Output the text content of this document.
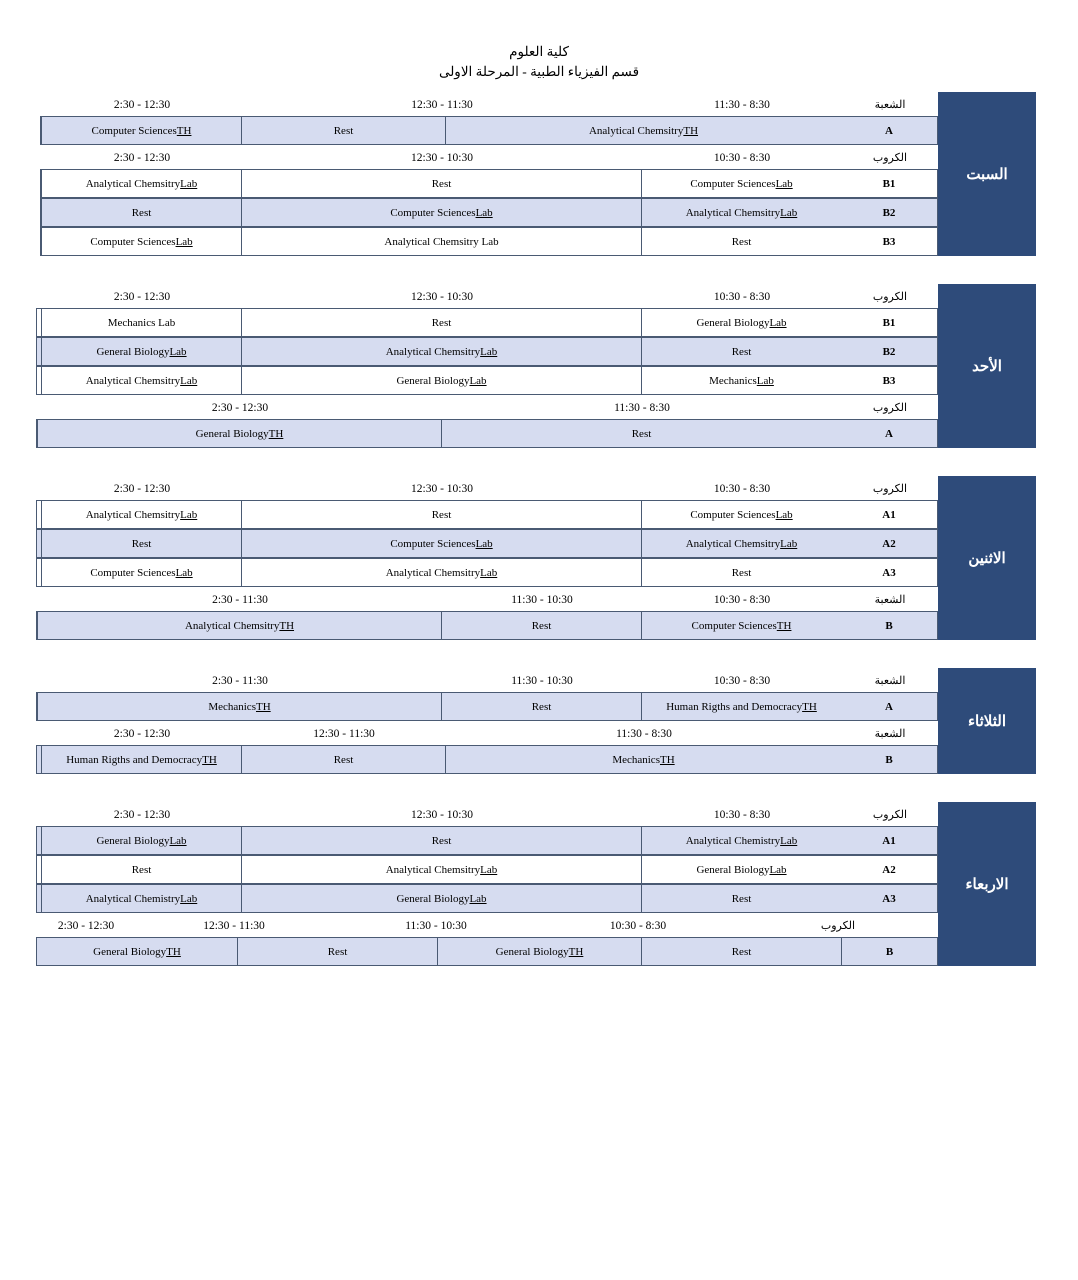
كلية العلوم
قسم الفيزياء الطبية - المرحلة الاولى
السبت
الشعبة
11:30 - 8:30
12:30 - 11:30
2:30 - 12:30
A
Analytical Chemsitry TH
Rest
Computer Sciences TH
الكروب
10:30 - 8:30
12:30 - 10:30
2:30 - 12:30
B1
Computer Sciences Lab
Rest
Analytical Chemsitry Lab
B2
Analytical Chemsitry Lab
Computer Sciences Lab
Rest
B3
Rest
Analytical Chemsitry Lab
Computer Sciences Lab
الأحد
الكروب
10:30 - 8:30
12:30 - 10:30
2:30 - 12:30
B1
General Biology Lab
Rest
Mechanics Lab
B2
Rest
Analytical Chemsitry Lab
General Biology Lab
B3
Mechanics Lab
General Biology Lab
Analytical Chemsitry Lab
الكروب
11:30 - 8:30
2:30 - 12:30
A
Rest
General Biology TH
الاثنين
الكروب
10:30 - 8:30
12:30 - 10:30
2:30 - 12:30
A1
Computer Sciences Lab
Rest
Analytical Chemsitry Lab
A2
Analytical Chemsitry Lab
Computer Sciences Lab
Rest
A3
Rest
Analytical Chemsitry Lab
Computer Sciences Lab
الشعبة
10:30 - 8:30
11:30 - 10:30
2:30 - 11:30
B
Computer Sciences TH
Rest
Analytical Chemsitry TH
الثلاثاء
الشعبة
10:30 - 8:30
11:30 - 10:30
2:30 - 11:30
A
Human Rigths and Democracy TH
Rest
Mechanics TH
الشعبة
11:30 - 8:30
12:30 - 11:30
2:30 - 12:30
B
Mechanics TH
Rest
Human Rigths and Democracy TH
الاربعاء
الكروب
10:30 - 8:30
12:30 - 10:30
2:30 - 12:30
A1
Analytical Chemistry Lab
Rest
General Biology Lab
A2
General Biology Lab
Analytical Chemsitry Lab
Rest
A3
Rest
General Biology Lab
Analytical Chemistry Lab
الكروب
10:30 - 8:30
11:30 - 10:30
12:30 - 11:30
2:30 - 12:30
General Biology TH	Rest	General Biology TH	Rest	B
